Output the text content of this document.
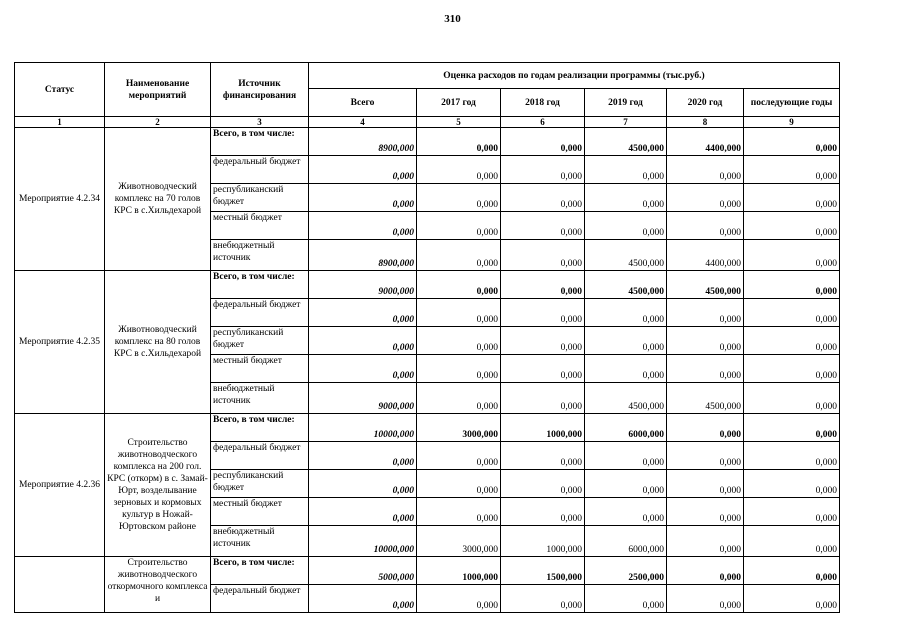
310
Статус	Наименование мероприятий	Источник финансирования	Оценка расходов по годам реализации программы (тыс.руб.)					
			Всего	2017 год	2018 год	2019 год	2020 год	последующие годы
1	2	3	4	5	6	7	8	9
Мероприятие 4.2.34	Животноводческий комплекс на 70 голов КРС в с.Хильдехарой	Всего, в том числе:	8900,000	0,000	0,000	4500,000	4400,000	0,000
		федеральный бюджет	0,000	0,000	0,000	0,000	0,000	0,000
		республиканский бюджет	0,000	0,000	0,000	0,000	0,000	0,000
		местный бюджет	0,000	0,000	0,000	0,000	0,000	0,000
		внебюджетный источник	8900,000	0,000	0,000	4500,000	4400,000	0,000
Мероприятие 4.2.35	Животноводческий комплекс на 80 голов КРС в с.Хильдехарой	Всего, в том числе:	9000,000	0,000	0,000	4500,000	4500,000	0,000
		федеральный бюджет	0,000	0,000	0,000	0,000	0,000	0,000
		республиканский бюджет	0,000	0,000	0,000	0,000	0,000	0,000
		местный бюджет	0,000	0,000	0,000	0,000	0,000	0,000
		внебюджетный источник	9000,000	0,000	0,000	4500,000	4500,000	0,000
Мероприятие 4.2.36	Строительство животноводческого комплекса на 200 гол. КРС (откорм) в с. Замай-Юрт, возделывание зерновых и кормовых культур в Ножай-Юртовском районе	Всего, в том числе:	10000,000	3000,000	1000,000	6000,000	0,000	0,000
		федеральный бюджет	0,000	0,000	0,000	0,000	0,000	0,000
		республиканский бюджет	0,000	0,000	0,000	0,000	0,000	0,000
		местный бюджет	0,000	0,000	0,000	0,000	0,000	0,000
		внебюджетный источник	10000,000	3000,000	1000,000	6000,000	0,000	0,000
	Строительство животноводческого откормочного комплекса и	Всего, в том числе:	5000,000	1000,000	1500,000	2500,000	0,000	0,000
		федеральный бюджет	0,000	0,000	0,000	0,000	0,000	0,000
